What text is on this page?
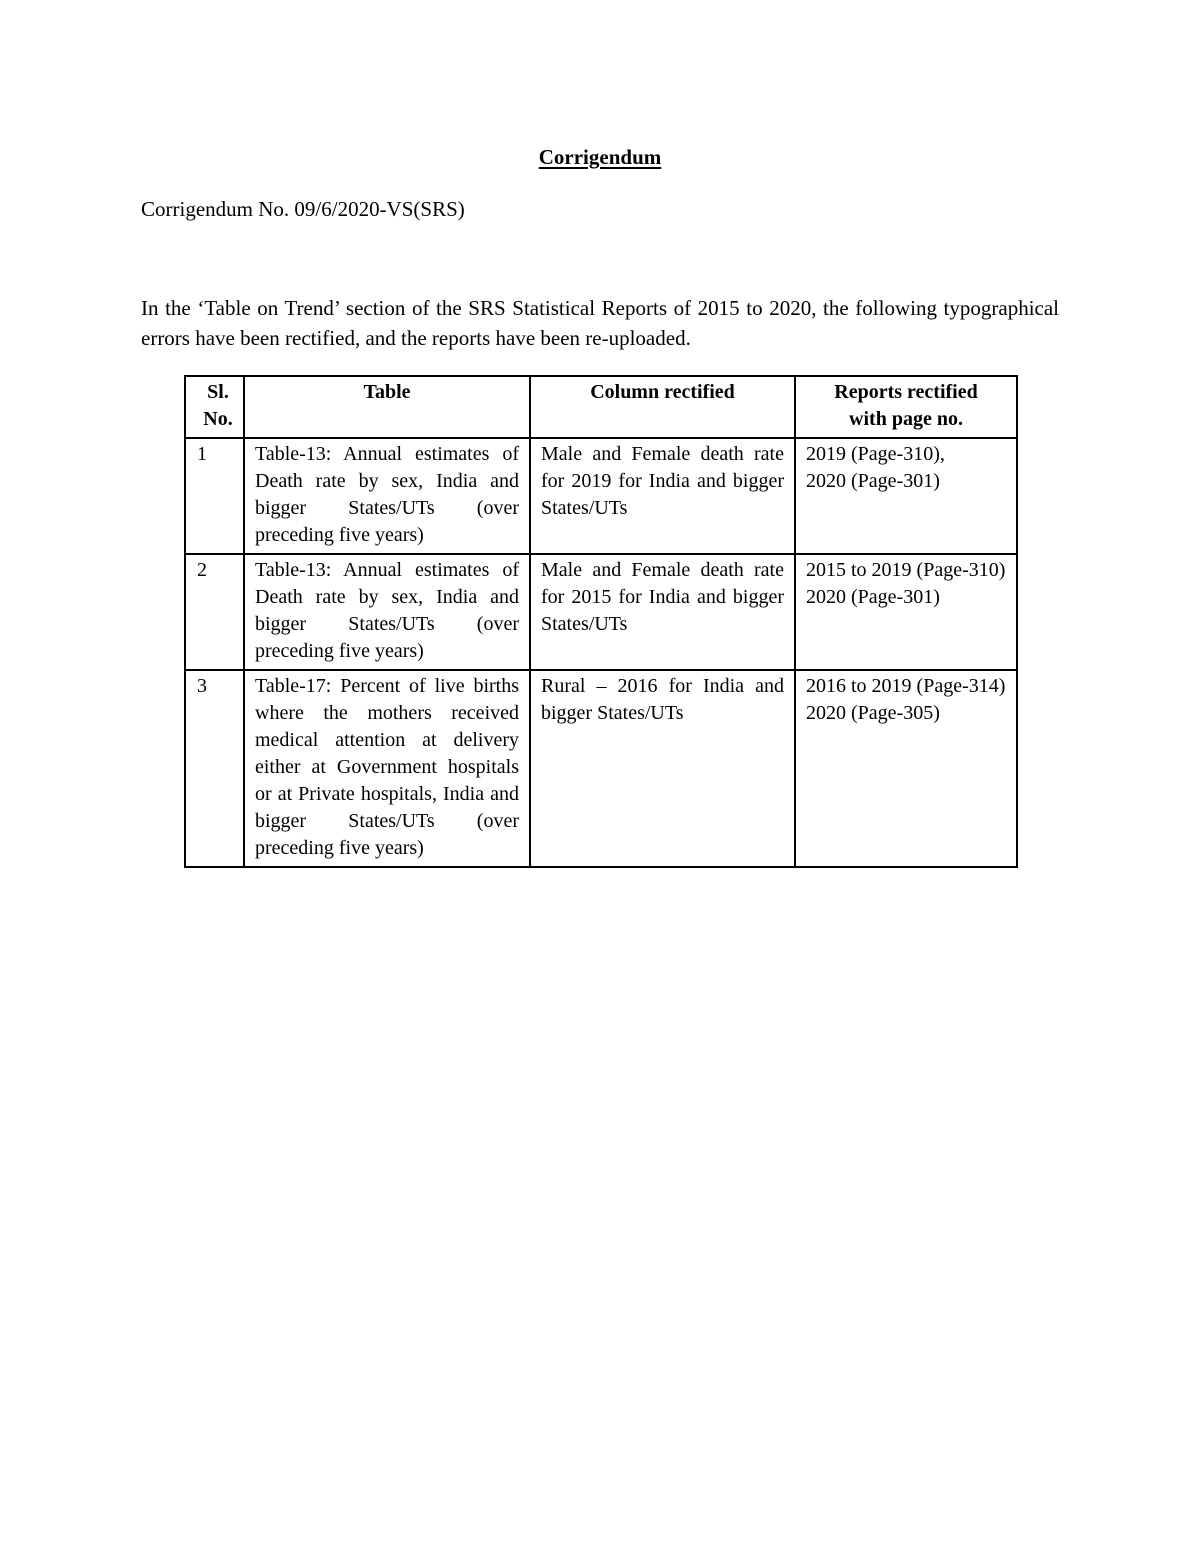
Corrigendum
Corrigendum No. 09/6/2020-VS(SRS)
In the ‘Table on Trend’ section of the SRS Statistical Reports of 2015 to 2020, the following typographical errors have been rectified, and the reports have been re-uploaded.
Sl.
No.	Table	Column rectified	Reports rectified
with page no.

1	Table-13: Annual estimates of Death rate by sex, India and bigger States/UTs (over preceding five years)	Male and Female death rate for 2019 for India and bigger States/UTs	2019 (Page-310),
2020 (Page-301)

2	Table-13: Annual estimates of Death rate by sex, India and bigger States/UTs (over preceding five years)	Male and Female death rate for 2015 for India and bigger States/UTs	2015 to 2019 (Page-310)
2020 (Page-301)

3	Table-17: Percent of live births where the mothers received medical attention at delivery either at Government hospitals or at Private hospitals, India and bigger States/UTs (over preceding five years)	Rural – 2016 for India and bigger States/UTs	2016 to 2019 (Page-314)
2020 (Page-305)
